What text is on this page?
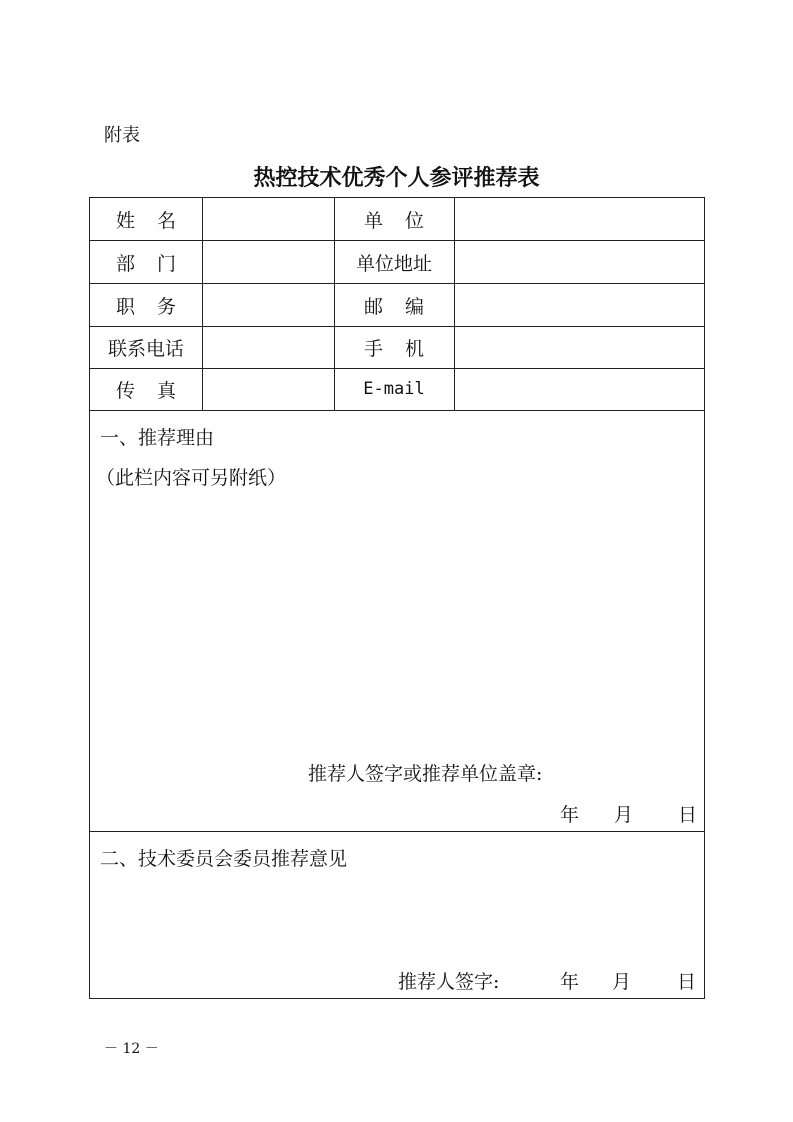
附表
热控技术优秀个人参评推荐表
姓名	单位
部门	单位地址
职务	邮编
联系电话	手机
传真	E-mail
一、推荐理由
（此栏内容可另附纸）
推荐人签字或推荐单位盖章:
年 月 日
二、技术委员会委员推荐意见
推荐人签字:	年 月 日
－ 12 －
